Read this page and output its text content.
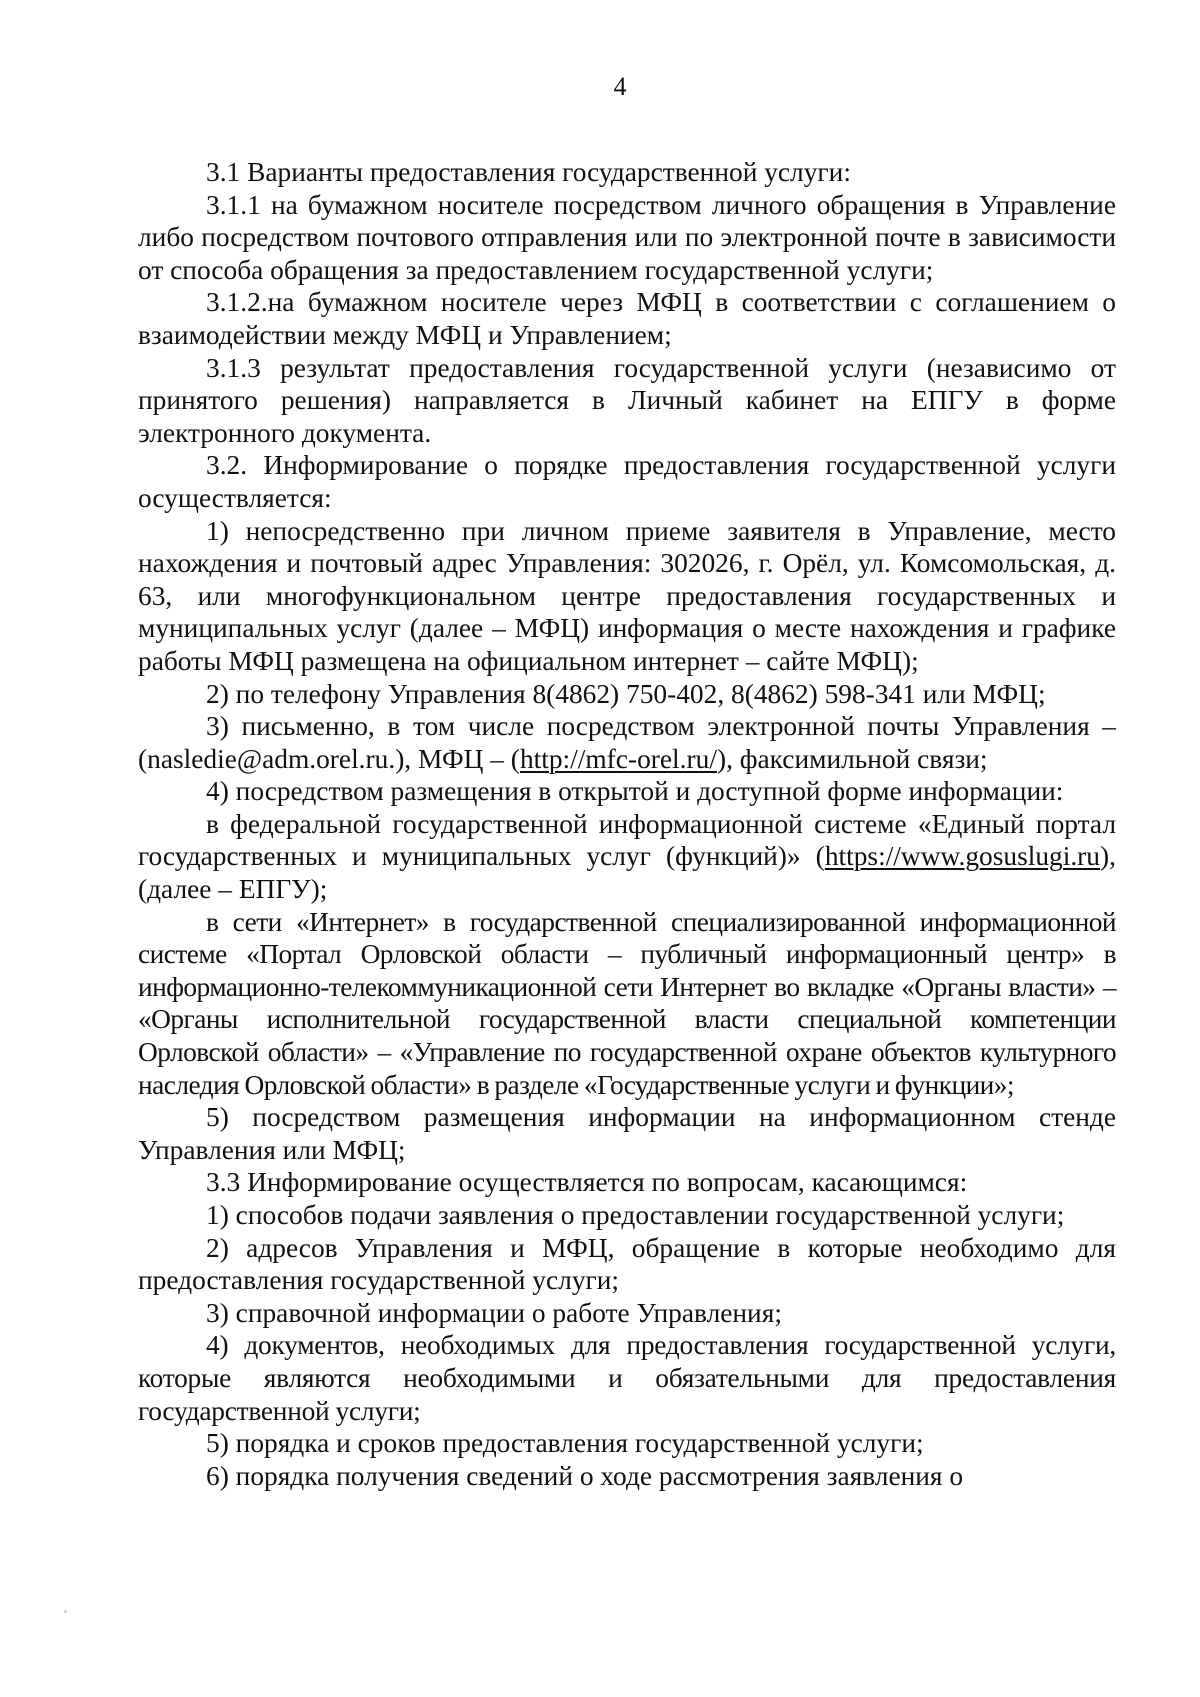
4

3.1 Варианты предоставления государственной услуги:

3.1.1 на бумажном носителе посредством личного обращения в Управление либо посредством почтового отправления или по электронной почте в зависимости от способа обращения за предоставлением государственной услуги;

3.1.2.на бумажном носителе через МФЦ в соответствии с соглашением о взаимодействии между МФЦ и Управлением;

3.1.3 результат предоставления государственной услуги (независимо от принятого решения) направляется в Личный кабинет на ЕПГУ в форме электронного документа.

3.2. Информирование о порядке предоставления государственной услуги осуществляется:

1) непосредственно при личном приеме заявителя в Управление, место нахождения и почтовый адрес Управления: 302026, г. Орёл, ул. Комсомольская, д. 63, или многофункциональном центре предоставления государственных и муниципальных услуг (далее – МФЦ) информация о месте нахождения и графике работы МФЦ размещена на официальном интернет – сайте МФЦ);

2) по телефону Управления 8(4862) 750-402, 8(4862) 598-341 или МФЦ;

3) письменно, в том числе посредством электронной почты Управления – (nasledie@adm.orel.ru.), МФЦ – (http://mfc-orel.ru/), факсимильной связи;

4) посредством размещения в открытой и доступной форме информации:

в федеральной государственной информационной системе «Единый портал государственных и муниципальных услуг (функций)» (https://www.gosuslugi.ru), (далее – ЕПГУ);

в сети «Интернет» в государственной специализированной информационной системе «Портал Орловской области – публичный информационный центр» в информационно-телекоммуникационной сети Интернет во вкладке «Органы власти» – «Органы исполнительной государственной власти специальной компетенции Орловской области» – «Управление по государственной охране объектов культурного наследия Орловской области» в разделе «Государственные услуги и функции»;

5) посредством размещения информации на информационном стенде Управления или МФЦ;

3.3 Информирование осуществляется по вопросам, касающимся:

1) способов подачи заявления о предоставлении государственной услуги;

2) адресов Управления и МФЦ, обращение в которые необходимо для предоставления государственной услуги;

3) справочной информации о работе Управления;

4) документов, необходимых для предоставления государственной услуги, которые являются необходимыми и обязательными для предоставления государственной услуги;

5) порядка и сроков предоставления государственной услуги;

6) порядка получения сведений о ходе рассмотрения заявления о
